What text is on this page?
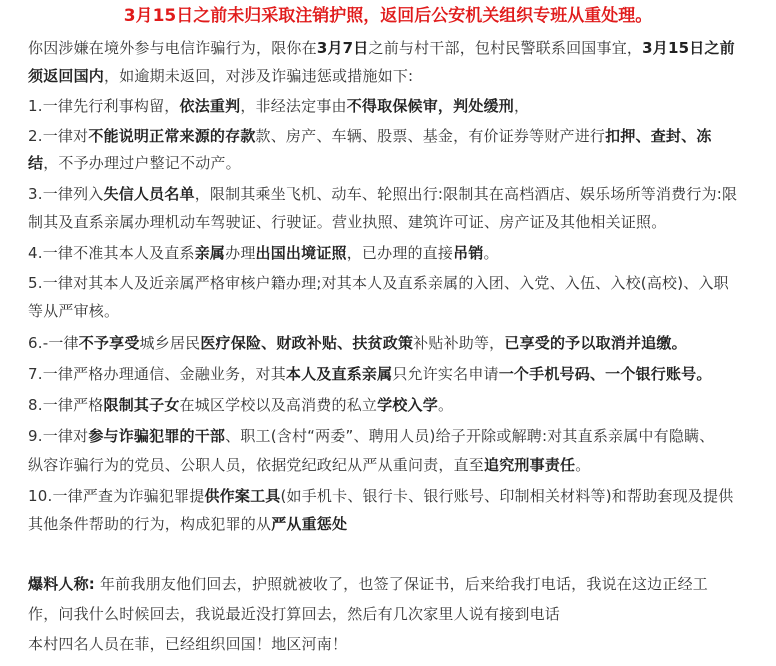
3月15日之前未归采取注销护照，返回后公安机关组织专班从重处理。
你因涉嫌在境外参与电信诈骗行为，限你在3月7日之前与村干部，包村民警联系回国事宜，3月15日之前
须返回国内，如逾期未返回，对涉及诈骗违惩或措施如下:
1.一律先行利事构留，依法重判，非经法定事由不得取保候审，判处缓刑，
2.一律对不能说明正常来源的存款款、房产、车辆、股票、基金，有价证券等财产进行扣押、查封、冻
结，不予办理过户整记不动产。
3.一律列入失信人员名单，限制其乘坐飞机、动车、轮照出行:限制其在高档酒店、娱乐场所等消费行为:限
制其及直系亲属办理机动车驾驶证、行驶证。营业执照、建筑许可证、房产证及其他相关证照。
4.一律不准其本人及直系亲属办理出国出境证照，已办理的直接吊销。
5.一律对其本人及近亲属严格审核户籍办理;对其本人及直系亲属的入团、入党、入伍、入校(高校)、入职
等从严审核。
6.-一律不予享受城乡居民医疗保险、财政补贴、扶贫政策补贴补助等，已享受的予以取消并追缴。
7.一律严格办理通信、金融业务，对其本人及直系亲属只允许实名申请一个手机号码、一个银行账号。
8.一律严格限制其子女在城区学校以及高消费的私立学校入学。
9.一律对参与诈骗犯罪的干部、职工(含村“两委”、聘用人员)给子开除或解聘:对其直系亲属中有隐瞒、
纵容诈骗行为的党员、公职人员，依据党纪政纪从严从重问责，直至追究刑事责任。
10.一律严查为诈骗犯罪提供作案工具(如手机卡、银行卡、银行账号、印制相关材料等)和帮助套现及提供
其他条件帮助的行为，构成犯罪的从严从重惩处
爆料人称: 年前我朋友他们回去，护照就被收了，也签了保证书，后来给我打电话，我说在这边正经工
作，问我什么时候回去，我说最近没打算回去，然后有几次家里人说有接到电话
本村四名人员在菲，已经组织回国！地区河南！
